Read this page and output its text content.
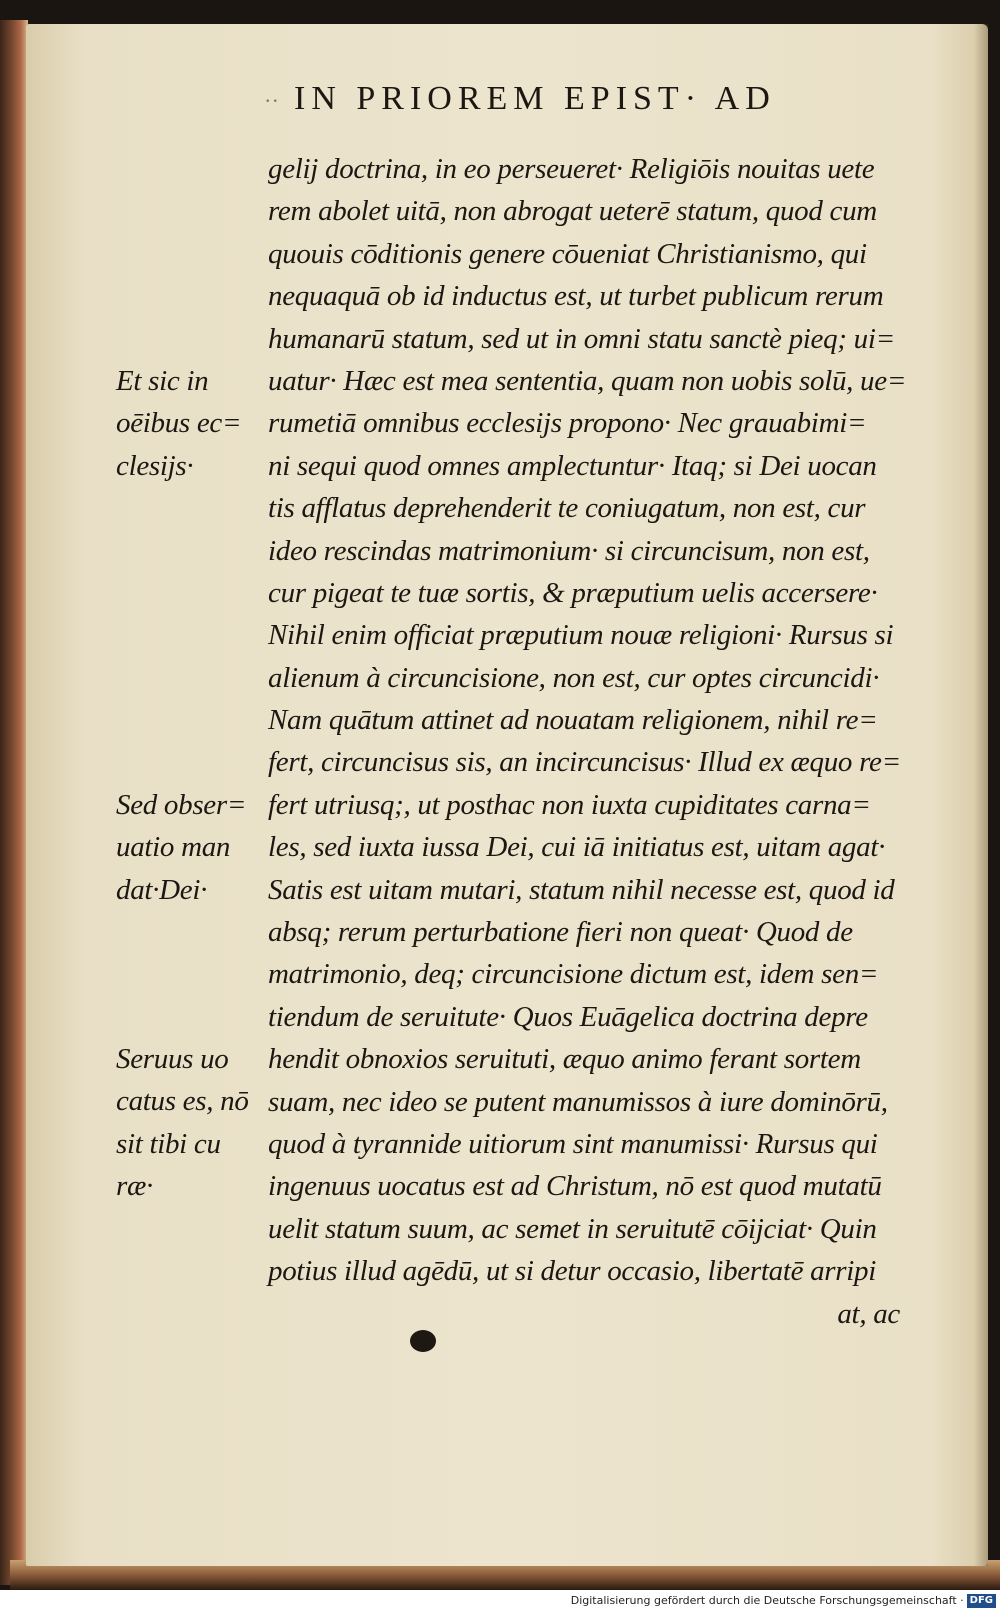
∙∙ IN PRIOREM EPIST· AD
gelij doctrina, in eo perseueret· Religiōis nouitas uete
rem abolet uitā, non abrogat ueterē statum, quod cum
quouis cōditionis genere cōueniat Christianismo, qui
nequaquā ob id inductus est, ut turbet publicum rerum
humanarū statum, sed ut in omni statu sanctè pieq; ui=
uatur· Hæc est mea sententia, quam non uobis solū, ue=
rumetiā omnibus ecclesijs propono· Nec grauabimi=
ni sequi quod omnes amplectuntur· Itaq; si Dei uocan
tis afflatus deprehenderit te coniugatum, non est, cur
ideo rescindas matrimonium· si circuncisum, non est,
cur pigeat te tuæ sortis, & præputium uelis accersere·
Nihil enim officiat præputium nouæ religioni· Rursus si
alienum à circuncisione, non est, cur optes circuncidi·
Nam quātum attinet ad nouatam religionem, nihil re=
fert, circuncisus sis, an incircuncisus· Illud ex æquo re=
fert utriusq;, ut posthac non iuxta cupiditates carna=
les, sed iuxta iussa Dei, cui iā initiatus est, uitam agat·
Satis est uitam mutari, statum nihil necesse est, quod id
absq; rerum perturbatione fieri non queat· Quod de
matrimonio, deq; circuncisione dictum est, idem sen=
tiendum de seruitute· Quos Euāgelica doctrina depre
hendit obnoxios seruituti, æquo animo ferant sortem
suam, nec ideo se putent manumissos à iure dominōrū,
quod à tyrannide uitiorum sint manumissi· Rursus qui
ingenuus uocatus est ad Christum, nō est quod mutatū
uelit statum suum, ac semet in seruitutē cōijciat· Quin
potius illud agēdū, ut si detur occasio, libertatē arripi
at, ac
Et sic in
oēibus ec=
clesijs·
Sed obser=
uatio man
dat·Dei·
Seruus uo
catus es, nō
sit tibi cu
ræ·
Digitalisierung gefördert durch die Deutsche Forschungsgemeinschaft · DFG
